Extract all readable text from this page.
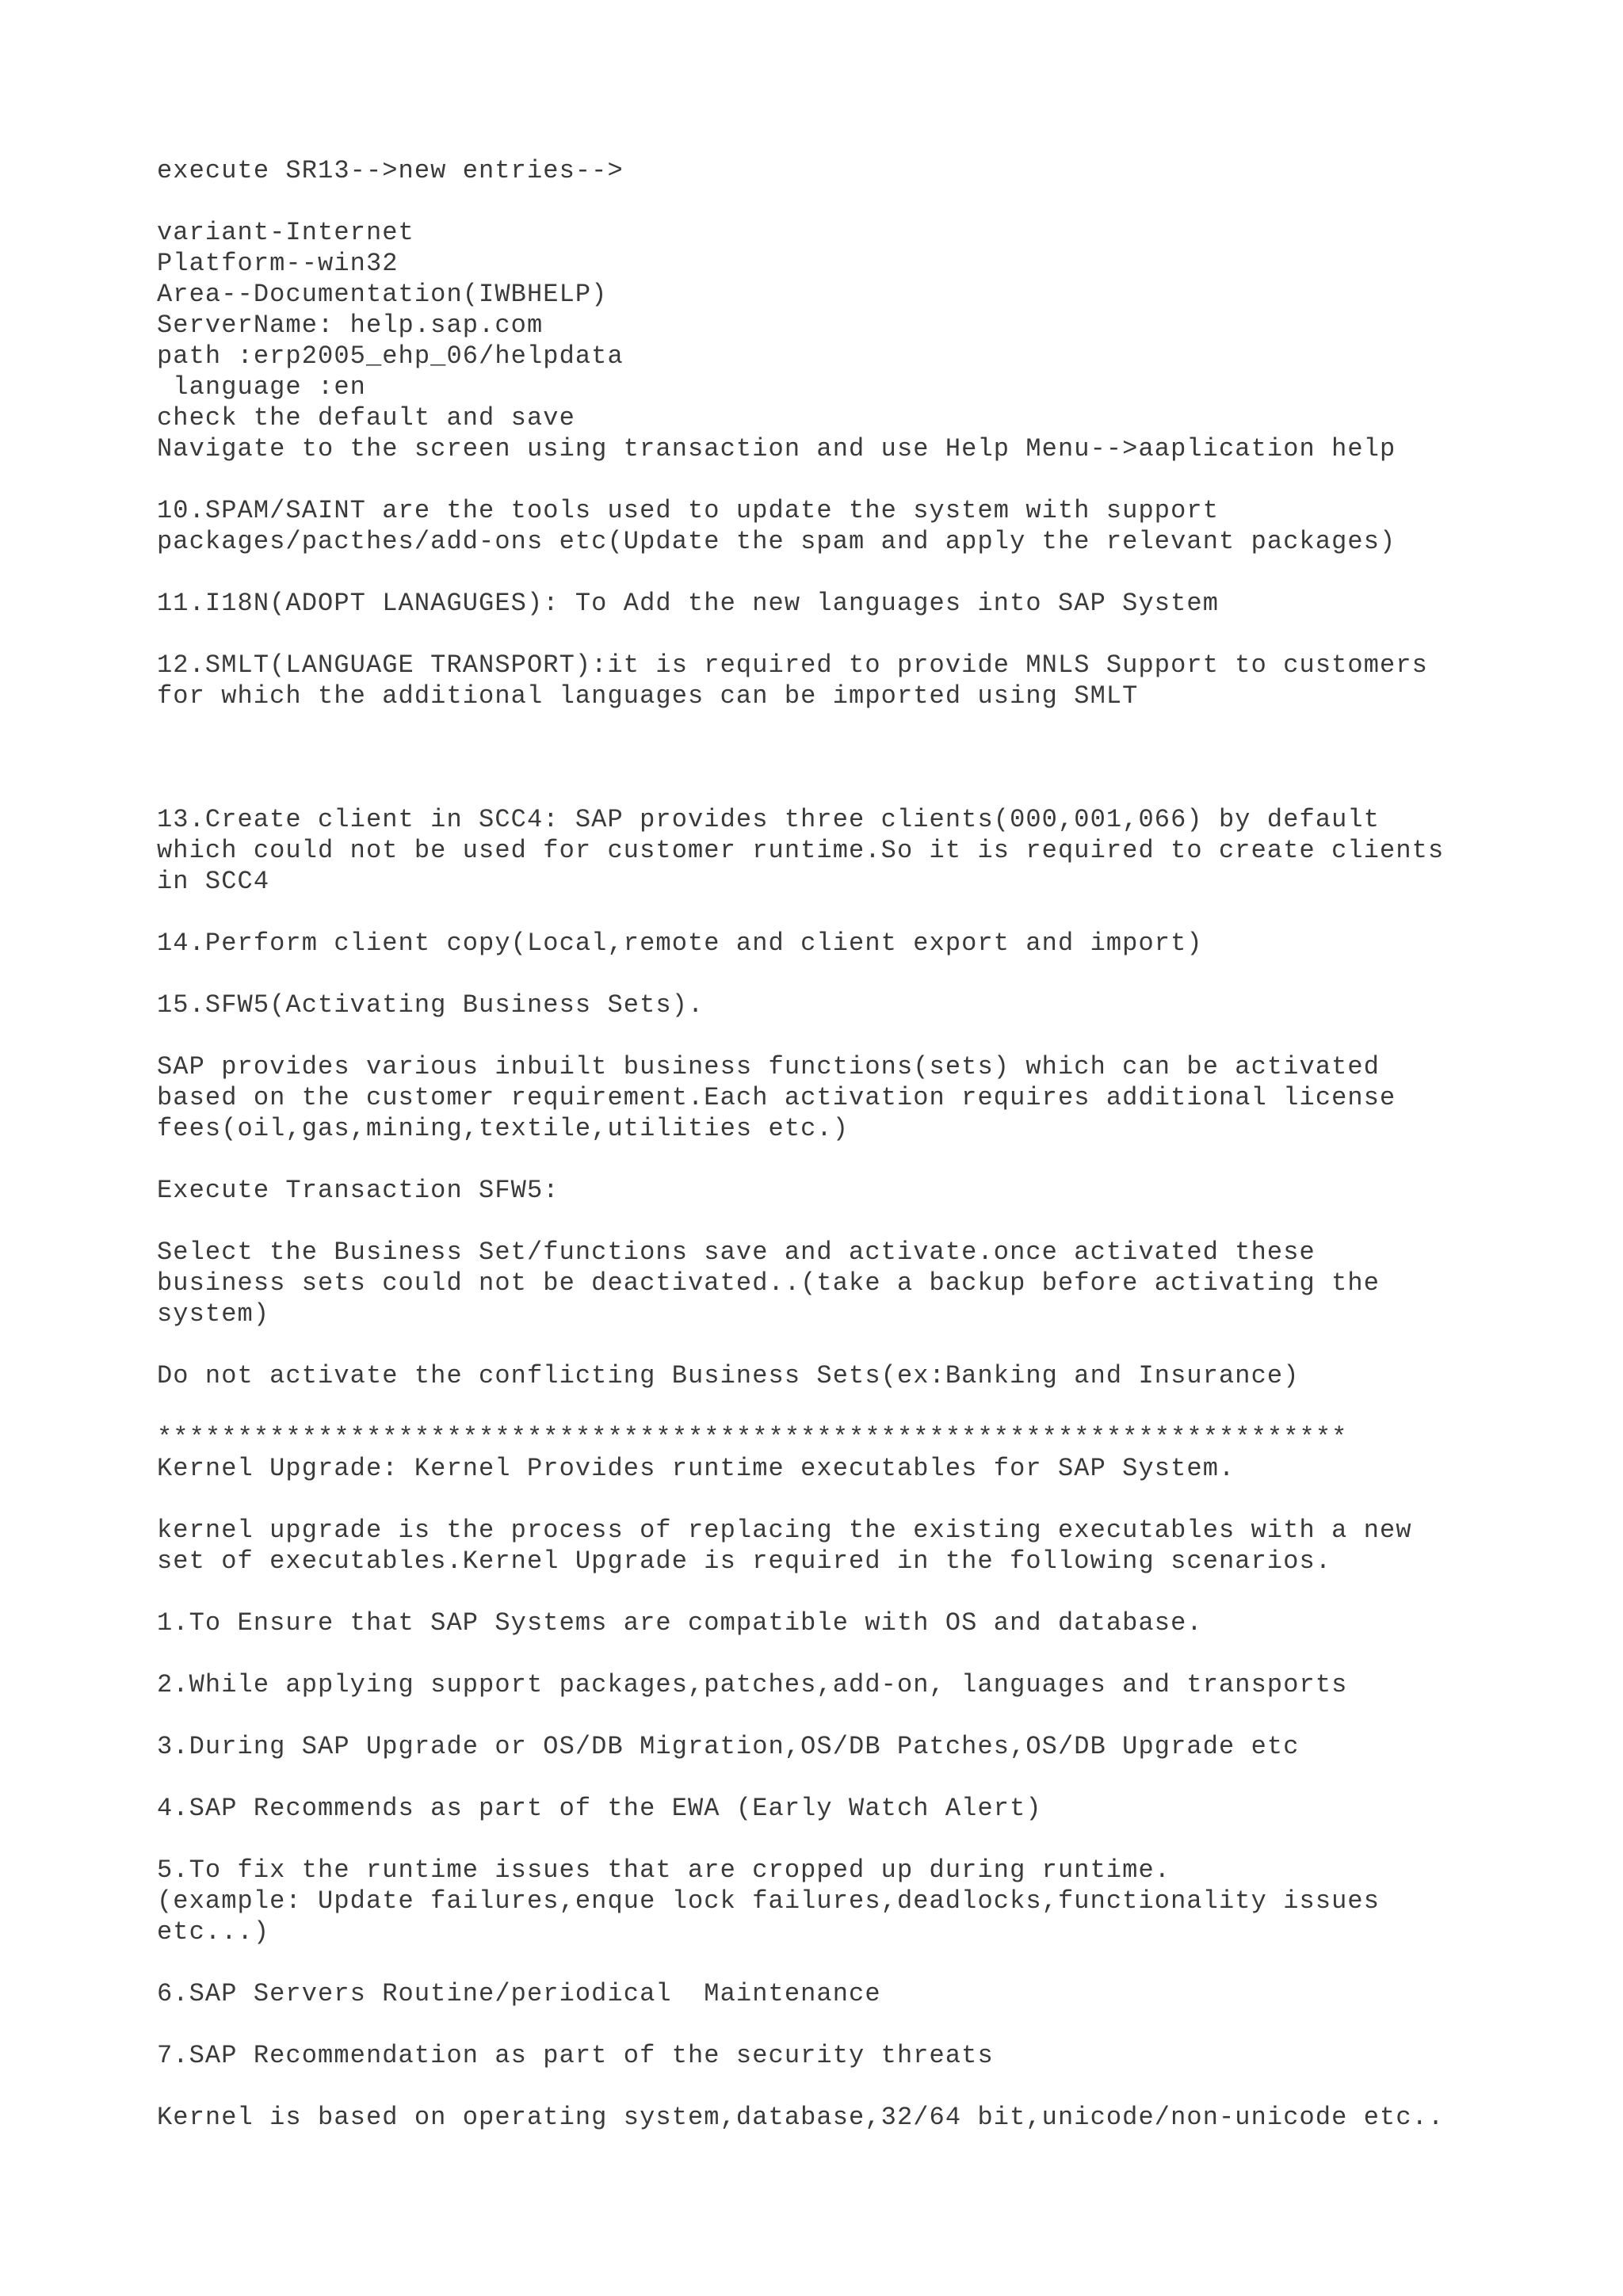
execute SR13-->new entries-->
variant-Internet
Platform--win32
Area--Documentation(IWBHELP)
ServerName: help.sap.com
path :erp2005_ehp_06/helpdata
language :en
check the default and save
Navigate to the screen using transaction and use Help Menu-->aaplication help
10.SPAM/SAINT are the tools used to update the system with support
packages/pacthes/add-ons etc(Update the spam and apply the relevant packages)
11.I18N(ADOPT LANAGUGES): To Add the new languages into SAP System
12.SMLT(LANGUAGE TRANSPORT):it is required to provide MNLS Support to customers
for which the additional languages can be imported using SMLT
13.Create client in SCC4: SAP provides three clients(000,001,066) by default
which could not be used for customer runtime.So it is required to create clients
in SCC4
14.Perform client copy(Local,remote and client export and import)
15.SFW5(Activating Business Sets).
SAP provides various inbuilt business functions(sets) which can be activated
based on the customer requirement.Each activation requires additional license
fees(oil,gas,mining,textile,utilities etc.)
Execute Transaction SFW5:
Select the Business Set/functions save and activate.once activated these
business sets could not be deactivated..(take a backup before activating the
system)
Do not activate the conflicting Business Sets(ex:Banking and Insurance)
**************************************************************************
Kernel Upgrade: Kernel Provides runtime executables for SAP System.
kernel upgrade is the process of replacing the existing executables with a new
set of executables.Kernel Upgrade is required in the following scenarios.
1.To Ensure that SAP Systems are compatible with OS and database.
2.While applying support packages,patches,add-on, languages and transports
3.During SAP Upgrade or OS/DB Migration,OS/DB Patches,OS/DB Upgrade etc
4.SAP Recommends as part of the EWA (Early Watch Alert)
5.To fix the runtime issues that are cropped up during runtime.
(example: Update failures,enque lock failures,deadlocks,functionality issues
etc...)
6.SAP Servers Routine/periodical  Maintenance
7.SAP Recommendation as part of the security threats
Kernel is based on operating system,database,32/64 bit,unicode/non-unicode etc..
